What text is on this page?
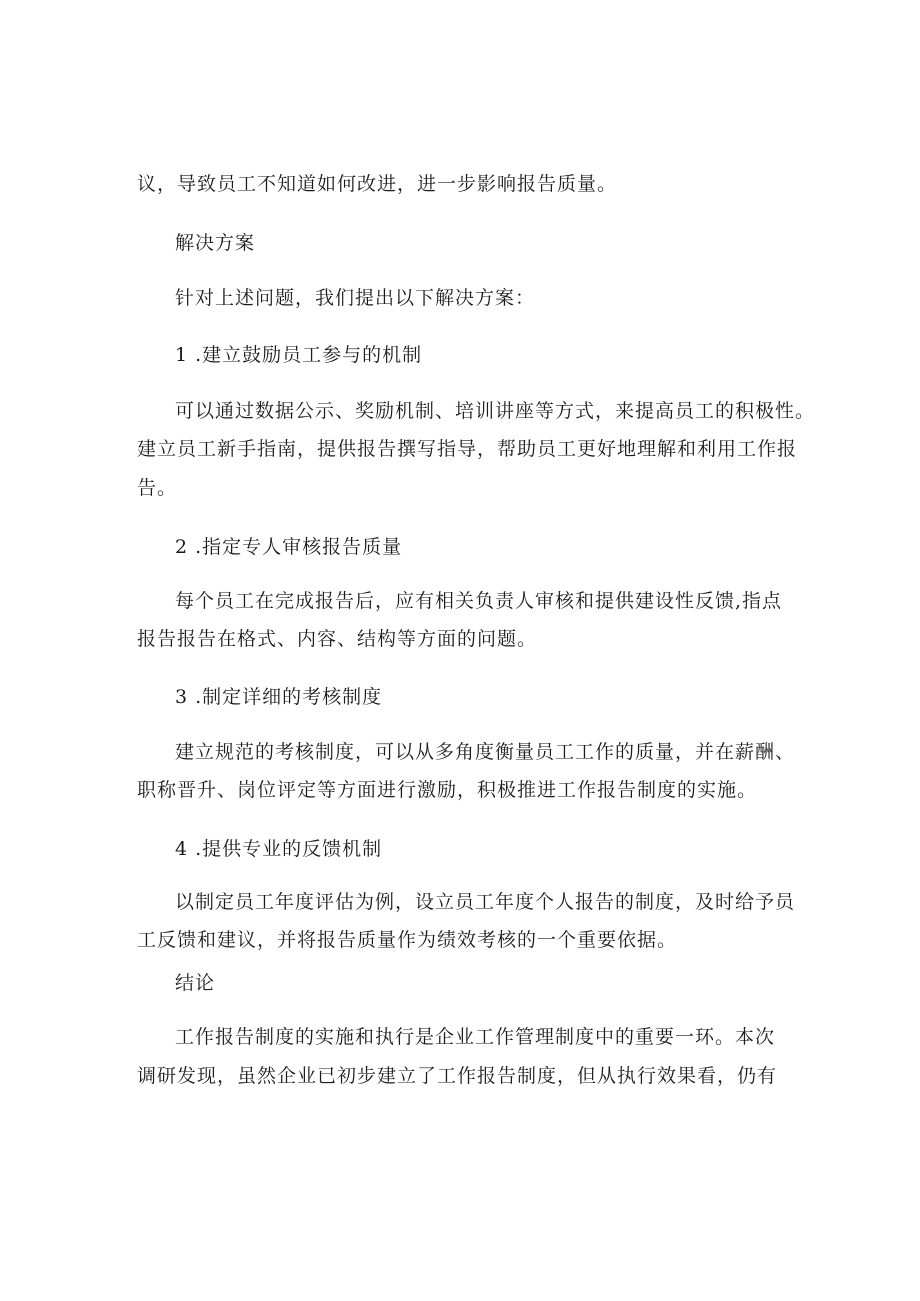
议，导致员工不知道如何改进，进一步影响报告质量。
解决方案
针对上述问题，我们提出以下解决方案：
1 .建立鼓励员工参与的机制
可以通过数据公示、奖励机制、培训讲座等方式，来提高员工的积极性。
建立员工新手指南，提供报告撰写指导，帮助员工更好地理解和利用工作报
告。
2 .指定专人审核报告质量
每个员工在完成报告后，应有相关负责人审核和提供建设性反馈,指点
报告报告在格式、内容、结构等方面的问题。
3 .制定详细的考核制度
建立规范的考核制度，可以从多角度衡量员工工作的质量，并在薪酬、
职称晋升、岗位评定等方面进行激励，积极推进工作报告制度的实施。
4 .提供专业的反馈机制
以制定员工年度评估为例，设立员工年度个人报告的制度，及时给予员
工反馈和建议，并将报告质量作为绩效考核的一个重要依据。
结论
工作报告制度的实施和执行是企业工作管理制度中的重要一环。本次
调研发现，虽然企业已初步建立了工作报告制度，但从执行效果看，仍有
